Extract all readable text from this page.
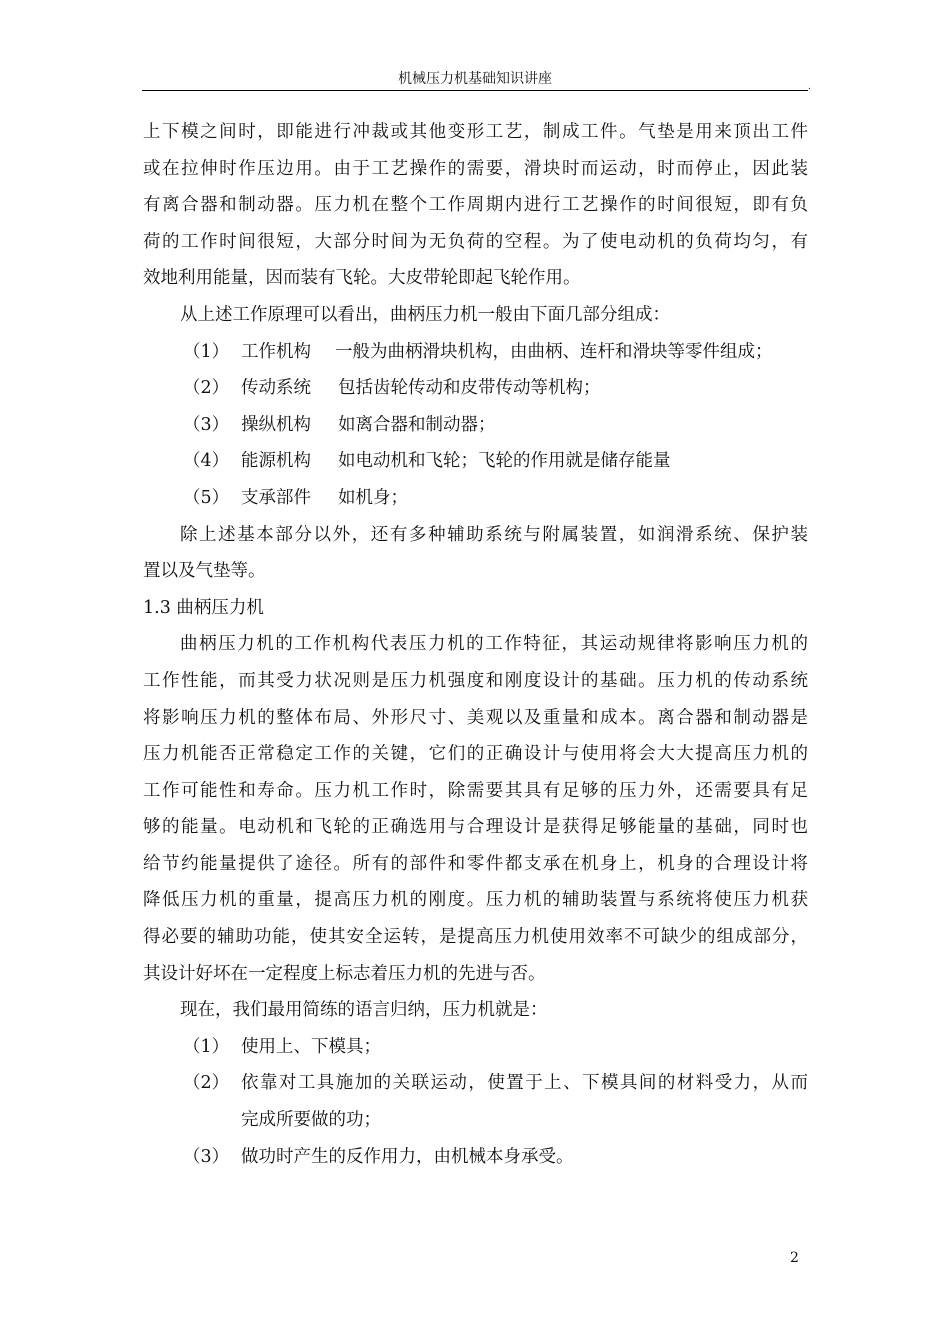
机械压力机基础知识讲座	.
上下模之间时，即能进行冲裁或其他变形工艺，制成工件。气垫是用来顶出工件
或在拉伸时作压边用。由于工艺操作的需要，滑块时而运动，时而停止，因此装
有离合器和制动器。压力机在整个工作周期内进行工艺操作的时间很短，即有负
荷的工作时间很短，大部分时间为无负荷的空程。为了使电动机的负荷均匀，有
效地利用能量，因而装有飞轮。大皮带轮即起飞轮作用。
从上述工作原理可以看出，曲柄压力机一般由下面几部分组成：
（1） 工作机构 一般为曲柄滑块机构，由曲柄、连杆和滑块等零件组成；
（2） 传动系统 包括齿轮传动和皮带传动等机构；
（3） 操纵机构 如离合器和制动器；
（4） 能源机构 如电动机和飞轮；飞轮的作用就是储存能量
（5） 支承部件 如机身；
除上述基本部分以外，还有多种辅助系统与附属装置，如润滑系统、保护装
置以及气垫等。
1.3 曲柄压力机
曲柄压力机的工作机构代表压力机的工作特征，其运动规律将影响压力机的
工作性能，而其受力状况则是压力机强度和刚度设计的基础。压力机的传动系统
将影响压力机的整体布局、外形尺寸、美观以及重量和成本。离合器和制动器是
压力机能否正常稳定工作的关键，它们的正确设计与使用将会大大提高压力机的
工作可能性和寿命。压力机工作时，除需要其具有足够的压力外，还需要具有足
够的能量。电动机和飞轮的正确选用与合理设计是获得足够能量的基础，同时也
给节约能量提供了途径。所有的部件和零件都支承在机身上，机身的合理设计将
降低压力机的重量，提高压力机的刚度。压力机的辅助装置与系统将使压力机获
得必要的辅助功能，使其安全运转，是提高压力机使用效率不可缺少的组成部分，
其设计好坏在一定程度上标志着压力机的先进与否。
现在，我们最用简练的语言归纳，压力机就是：
（1） 使用上、下模具；
（2） 依靠对工具施加的关联运动，使置于上、下模具间的材料受力，从而
完成所要做的功；
（3） 做功时产生的反作用力，由机械本身承受。
2
